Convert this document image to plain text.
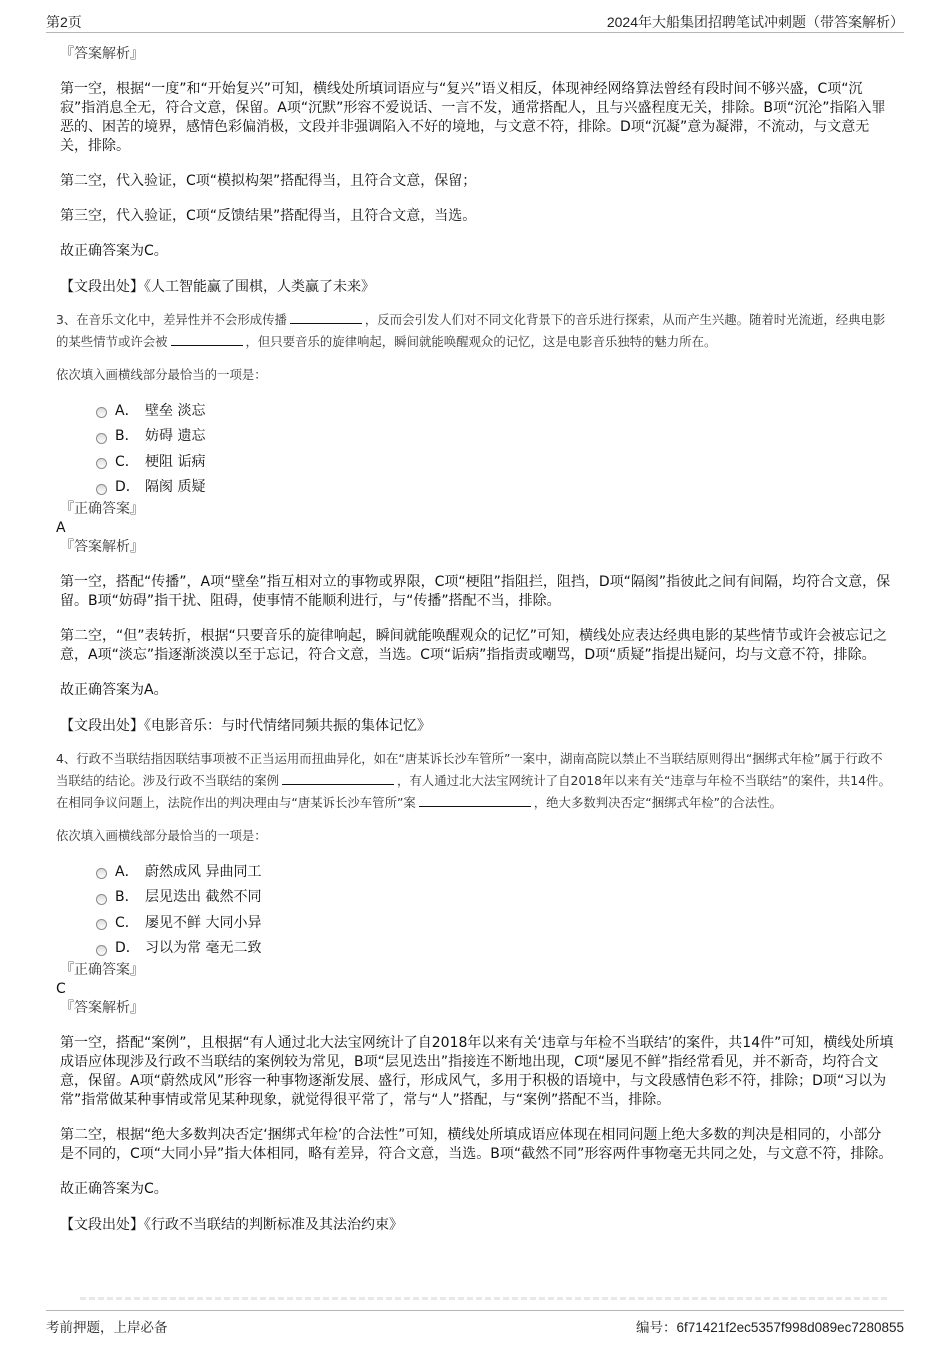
第2页	2024年大船集团招聘笔试冲刺题（带答案解析）

『答案解析』

第一空，根据“一度”和“开始复兴”可知，横线处所填词语应与“复兴”语义相反，体现神经网络算法曾经有段时间不够兴盛，C项“沉寂”指消息全无，符合文意，保留。A项“沉默”形容不爱说话、一言不发，通常搭配人，且与兴盛程度无关，排除。B项“沉沦”指陷入罪恶的、困苦的境界，感情色彩偏消极，文段并非强调陷入不好的境地，与文意不符，排除。D项“沉凝”意为凝滞，不流动，与文意无关，排除。

第二空，代入验证，C项“模拟构架”搭配得当，且符合文意，保留；

第三空，代入验证，C项“反馈结果”搭配得当，且符合文意，当选。

故正确答案为C。

【文段出处】《人工智能赢了围棋，人类赢了未来》

3、在音乐文化中，差异性并不会形成传播	，反而会引发人们对不同文化背景下的音乐进行探索，从而产生兴趣。随着时光流逝，经典电影的某些情节或许会被	，但只要音乐的旋律响起，瞬间就能唤醒观众的记忆，这是电影音乐独特的魅力所在。

依次填入画横线部分最恰当的一项是：

A． 壁垒 淡忘
B． 妨碍 遗忘
C． 梗阻 诟病
D． 隔阂 质疑

『正确答案』

A

『答案解析』

第一空，搭配“传播”，A项“壁垒”指互相对立的事物或界限，C项“梗阻”指阻拦，阻挡，D项“隔阂”指彼此之间有间隔，均符合文意，保留。B项“妨碍”指干扰、阻碍，使事情不能顺利进行，与“传播”搭配不当，排除。

第二空，“但”表转折，根据“只要音乐的旋律响起，瞬间就能唤醒观众的记忆”可知，横线处应表达经典电影的某些情节或许会被忘记之意，A项“淡忘”指逐渐淡漠以至于忘记，符合文意，当选。C项“诟病”指指责或嘲骂，D项“质疑”指提出疑问，均与文意不符，排除。

故正确答案为A。

【文段出处】《电影音乐：与时代情绪同频共振的集体记忆》

4、行政不当联结指因联结事项被不正当运用而扭曲异化，如在“唐某诉长沙车管所”一案中，湖南高院以禁止不当联结原则得出“捆绑式年检”属于行政不当联结的结论。涉及行政不当联结的案例	，有人通过北大法宝网统计了自2018年以来有关“违章与年检不当联结”的案件，共14件。在相同争议问题上，法院作出的判决理由与“唐某诉长沙车管所”案	，绝大多数判决否定“捆绑式年检”的合法性。

依次填入画横线部分最恰当的一项是：

A． 蔚然成风 异曲同工
B． 层见迭出 截然不同
C． 屡见不鲜 大同小异
D． 习以为常 毫无二致

『正确答案』

C

『答案解析』

第一空，搭配“案例”，且根据“有人通过北大法宝网统计了自2018年以来有关‘违章与年检不当联结’的案件，共14件”可知，横线处所填成语应体现涉及行政不当联结的案例较为常见，B项“层见迭出”指接连不断地出现，C项“屡见不鲜”指经常看见，并不新奇，均符合文意，保留。A项“蔚然成风”形容一种事物逐渐发展、盛行，形成风气，多用于积极的语境中，与文段感情色彩不符，排除；D项“习以为常”指常做某种事情或常见某种现象，就觉得很平常了，常与“人”搭配，与“案例”搭配不当，排除。

第二空，根据“绝大多数判决否定‘捆绑式年检’的合法性”可知，横线处所填成语应体现在相同问题上绝大多数的判决是相同的，小部分是不同的，C项“大同小异”指大体相同，略有差异，符合文意，当选。B项“截然不同”形容两件事物毫无共同之处，与文意不符，排除。

故正确答案为C。

【文段出处】《行政不当联结的判断标准及其法治约束》

考前押题，上岸必备	编号：6f71421f2ec5357f998d089ec7280855
